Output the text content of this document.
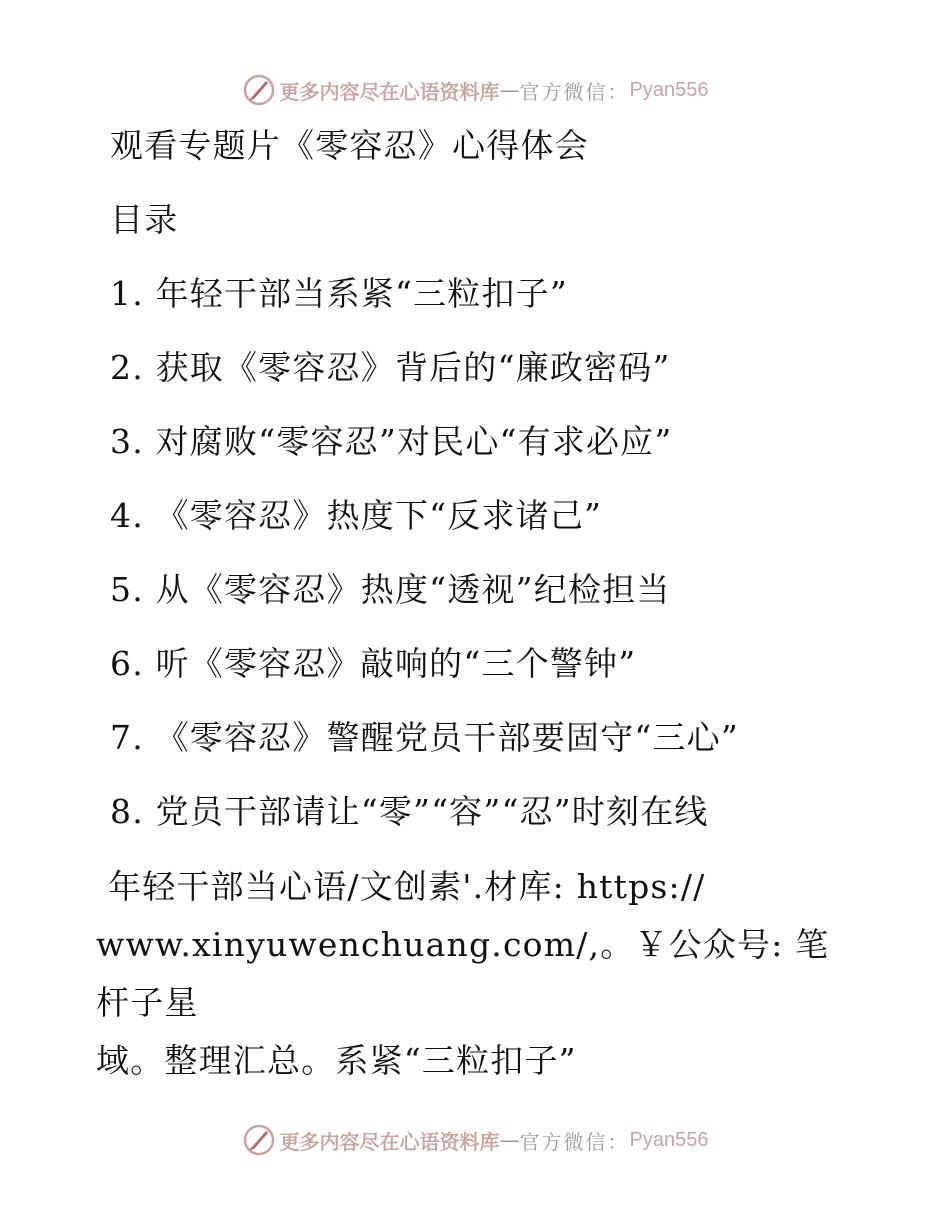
更多内容尽在心语资料库 — 官方微信： Pyan556
观看专题片《零容忍》心得体会
目录
1. 年轻干部当系紧“三粒扣子”
2. 获取《零容忍》背后的“廉政密码”
3. 对腐败“零容忍”对民心“有求必应”
4. 《零容忍》热度下“反求诸己”
5. 从《零容忍》热度“透视”纪检担当
6. 听《零容忍》敲响的“三个警钟”
7. 《零容忍》警醒党员干部要固守“三心”
8. 党员干部请让“零”“容”“忍”时刻在线
年轻干部当心语/文创素'.材库: https://
www.xinyuwenchuang.com/,。￥公众号: 笔杆子星
域。整理汇总。系紧“三粒扣子”
更多内容尽在心语资料库 — 官方微信： Pyan556
